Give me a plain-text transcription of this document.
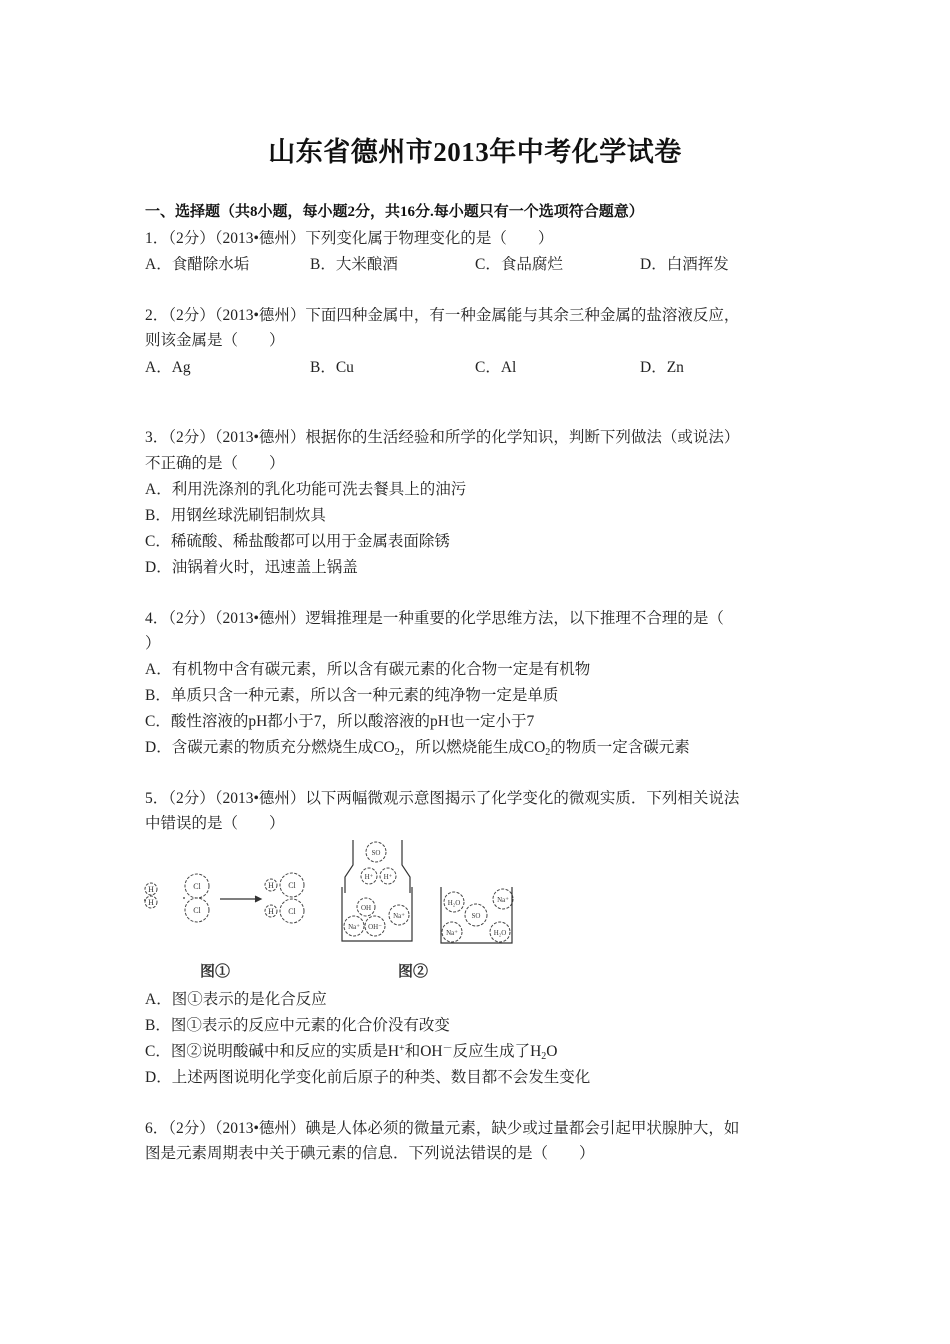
山东省德州市2013年中考化学试卷
一、选择题（共8小题，每小题2分，共16分.每小题只有一个选项符合题意）
1．（2分）（2013•德州）下列变化属于物理变化的是（　　）
A．食醋除水垢	B．大米酿酒	C．食品腐烂	D．白酒挥发
2．（2分）（2013•德州）下面四种金属中，有一种金属能与其余三种金属的盐溶液反应，
则该金属是（　　）
A．Ag	B．Cu	C．Al	D．Zn
3．（2分）（2013•德州）根据你的生活经验和所学的化学知识，判断下列做法（或说法）
不正确的是（　　）
A．利用洗涤剂的乳化功能可洗去餐具上的油污
B．用钢丝球洗刷铝制炊具
C．稀硫酸、稀盐酸都可以用于金属表面除锈
D．油锅着火时，迅速盖上锅盖
4．（2分）（2013•德州）逻辑推理是一种重要的化学思维方法，以下推理不合理的是（
）
A．有机物中含有碳元素，所以含有碳元素的化合物一定是有机物
B．单质只含一种元素，所以含一种元素的纯净物一定是单质
C．酸性溶液的pH都小于7，所以酸溶液的pH也一定小于7
D．含碳元素的物质充分燃烧生成$CO_2$，所以燃烧能生成$CO_2$的物质一定含碳元素
5．（2分）（2013•德州）以下两幅微观示意图揭示了化学变化的微观实质．下列相关说法
中错误的是（　　）
H
H
Cl
Cl
H Cl
H Cl
SO
H⁺ H⁺
OH
Na⁺ OH⁻
Na⁺
H₂O	Na⁺
SO
Na⁺	H₂O
图①	图②
A．图①表示的是化合反应
B．图①表示的反应中元素的化合价没有改变
C．图②说明酸碱中和反应的实质是H+和OH－反应生成了$H_2O$
D．上述两图说明化学变化前后原子的种类、数目都不会发生变化
6．（2分）（2013•德州）碘是人体必须的微量元素，缺少或过量都会引起甲状腺肿大，如
图是元素周期表中关于碘元素的信息．下列说法错误的是（　　）
